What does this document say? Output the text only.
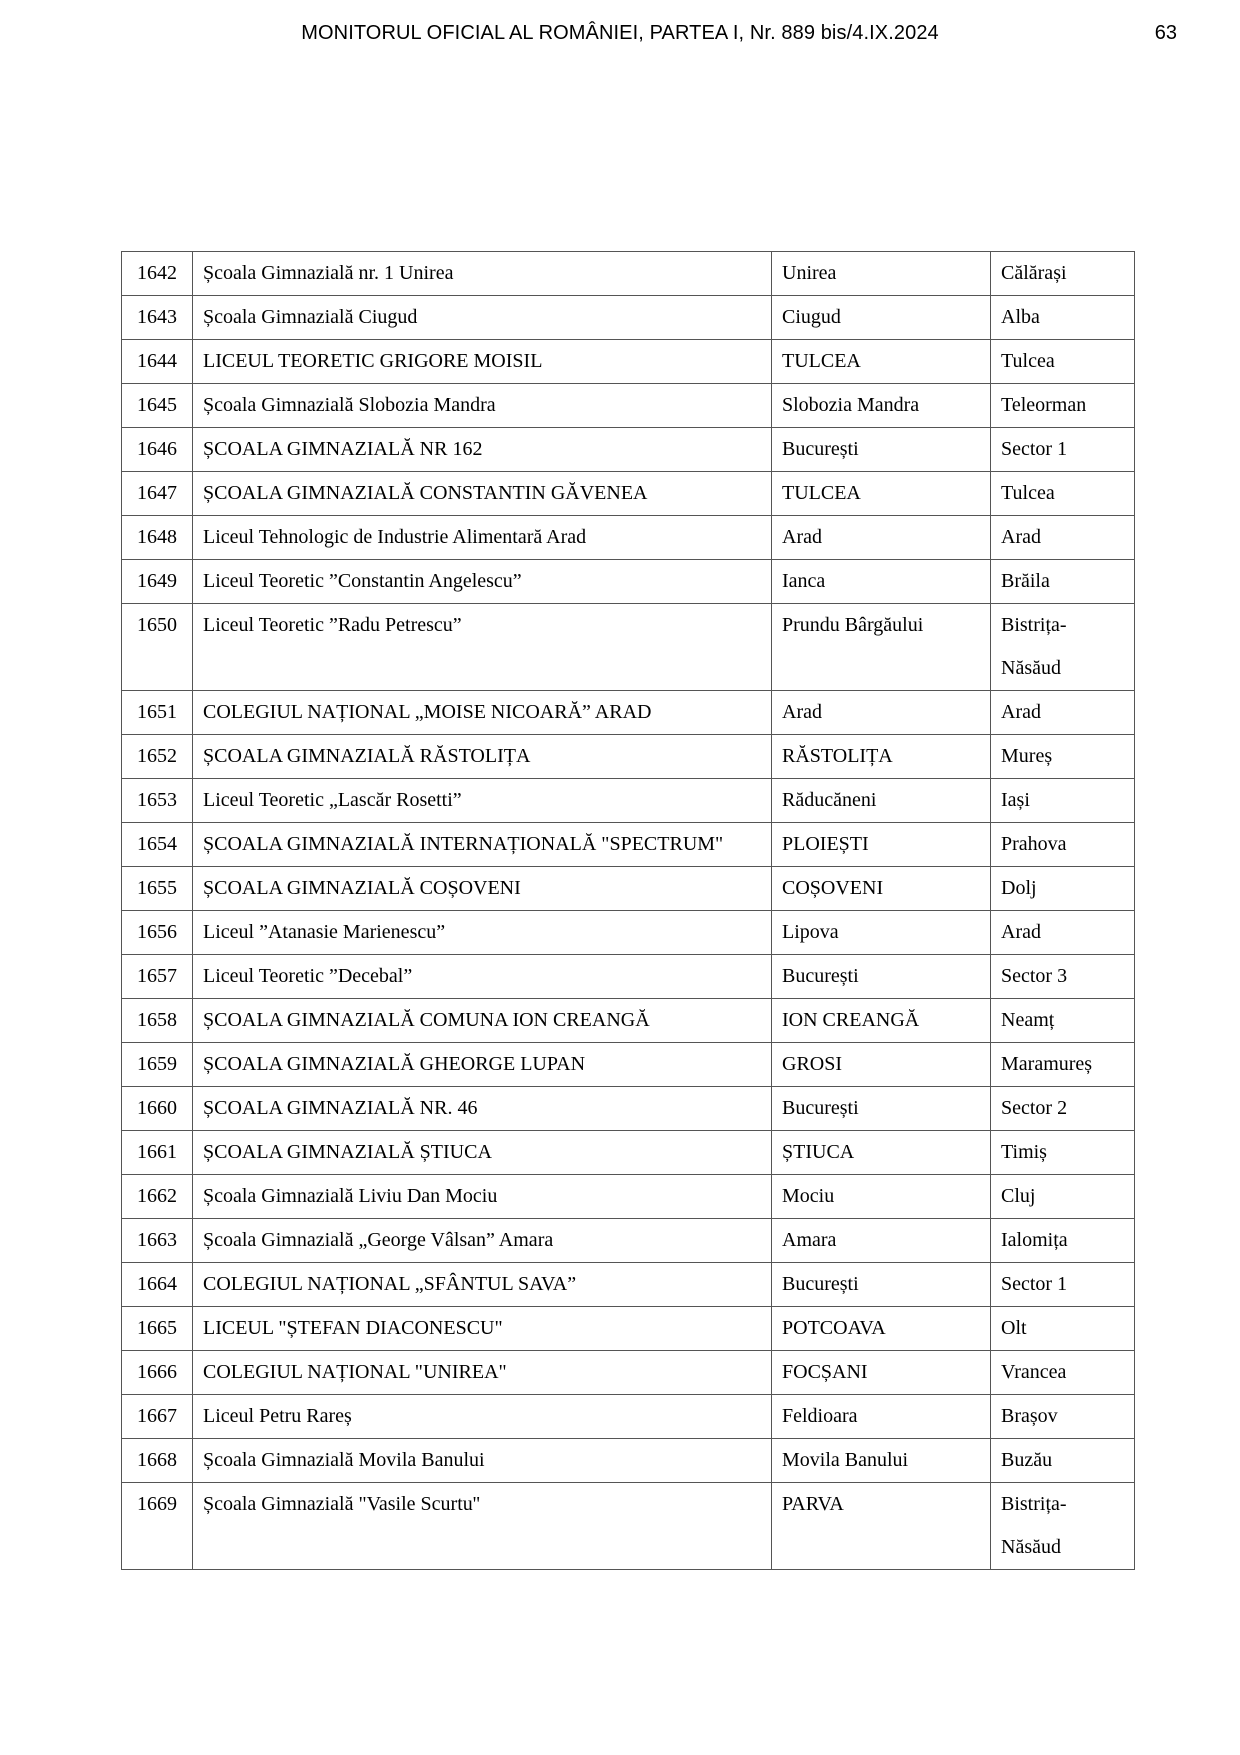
MONITORUL OFICIAL AL ROMÂNIEI, PARTEA I, Nr. 889 bis/4.IX.2024	63
1642	Școala Gimnazială nr. 1 Unirea	Unirea	Călărași
1643	Școala Gimnazială Ciugud	Ciugud	Alba
1644	LICEUL TEORETIC GRIGORE MOISIL	TULCEA	Tulcea
1645	Școala Gimnazială Slobozia Mandra	Slobozia Mandra	Teleorman
1646	ȘCOALA GIMNAZIALĂ NR 162	București	Sector 1
1647	ȘCOALA GIMNAZIALĂ CONSTANTIN GĂVENEA	TULCEA	Tulcea
1648	Liceul Tehnologic de Industrie Alimentară Arad	Arad	Arad
1649	Liceul Teoretic ”Constantin Angelescu”	Ianca	Brăila
1650	Liceul Teoretic ”Radu Petrescu”	Prundu Bârgăului	Bistrița-Năsăud
1651	COLEGIUL NAȚIONAL „MOISE NICOARĂ” ARAD	Arad	Arad
1652	ȘCOALA GIMNAZIALĂ RĂSTOLIȚA	RĂSTOLIȚA	Mureș
1653	Liceul Teoretic „Lascăr Rosetti”	Răducăneni	Iași
1654	ȘCOALA GIMNAZIALĂ INTERNAȚIONALĂ "SPECTRUM"	PLOIEȘTI	Prahova
1655	ȘCOALA GIMNAZIALĂ COȘOVENI	COȘOVENI	Dolj
1656	Liceul ”Atanasie Marienescu”	Lipova	Arad
1657	Liceul Teoretic ”Decebal”	București	Sector 3
1658	ȘCOALA GIMNAZIALĂ COMUNA ION CREANGĂ	ION CREANGĂ	Neamț
1659	ȘCOALA GIMNAZIALĂ GHEORGE LUPAN	GROSI	Maramureș
1660	ȘCOALA GIMNAZIALĂ NR. 46	București	Sector 2
1661	ȘCOALA GIMNAZIALĂ ȘTIUCA	ȘTIUCA	Timiș
1662	Școala Gimnazială Liviu Dan Mociu	Mociu	Cluj
1663	Școala Gimnazială „George Vâlsan” Amara	Amara	Ialomița
1664	COLEGIUL NAȚIONAL „SFÂNTUL SAVA”	București	Sector 1
1665	LICEUL "ȘTEFAN DIACONESCU"	POTCOAVA	Olt
1666	COLEGIUL NAȚIONAL "UNIREA"	FOCȘANI	Vrancea
1667	Liceul Petru Rareș	Feldioara	Brașov
1668	Școala Gimnazială Movila Banului	Movila Banului	Buzău
1669	Școala Gimnazială "Vasile Scurtu''	PARVA	Bistrița-Năsăud
